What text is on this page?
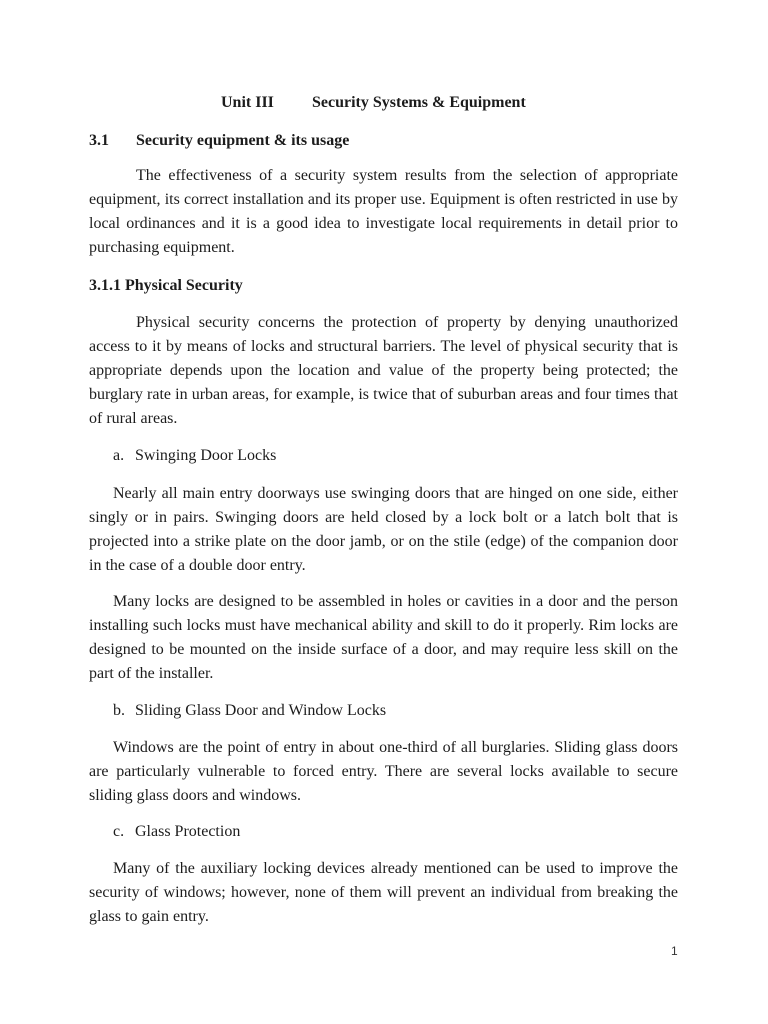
Unit III Security Systems & Equipment
3.1 Security equipment & its usage

The effectiveness of a security system results from the selection of appropriate equipment, its correct installation and its proper use. Equipment is often restricted in use by local ordinances and it is a good idea to investigate local requirements in detail prior to purchasing equipment.

3.1.1 Physical Security

Physical security concerns the protection of property by denying unauthorized access to it by means of locks and structural barriers. The level of physical security that is appropriate depends upon the location and value of the property being protected; the burglary rate in urban areas, for example, is twice that of suburban areas and four times that of rural areas.

a. Swinging Door Locks

Nearly all main entry doorways use swinging doors that are hinged on one side, either singly or in pairs. Swinging doors are held closed by a lock bolt or a latch bolt that is projected into a strike plate on the door jamb, or on the stile (edge) of the companion door in the case of a double door entry.

Many locks are designed to be assembled in holes or cavities in a door and the person installing such locks must have mechanical ability and skill to do it properly. Rim locks are designed to be mounted on the inside surface of a door, and may require less skill on the part of the installer.

b. Sliding Glass Door and Window Locks

Windows are the point of entry in about one-third of all burglaries. Sliding glass doors are particularly vulnerable to forced entry. There are several locks available to secure sliding glass doors and windows.

c. Glass Protection

Many of the auxiliary locking devices already mentioned can be used to improve the security of windows; however, none of them will prevent an individual from breaking the glass to gain entry.

1
